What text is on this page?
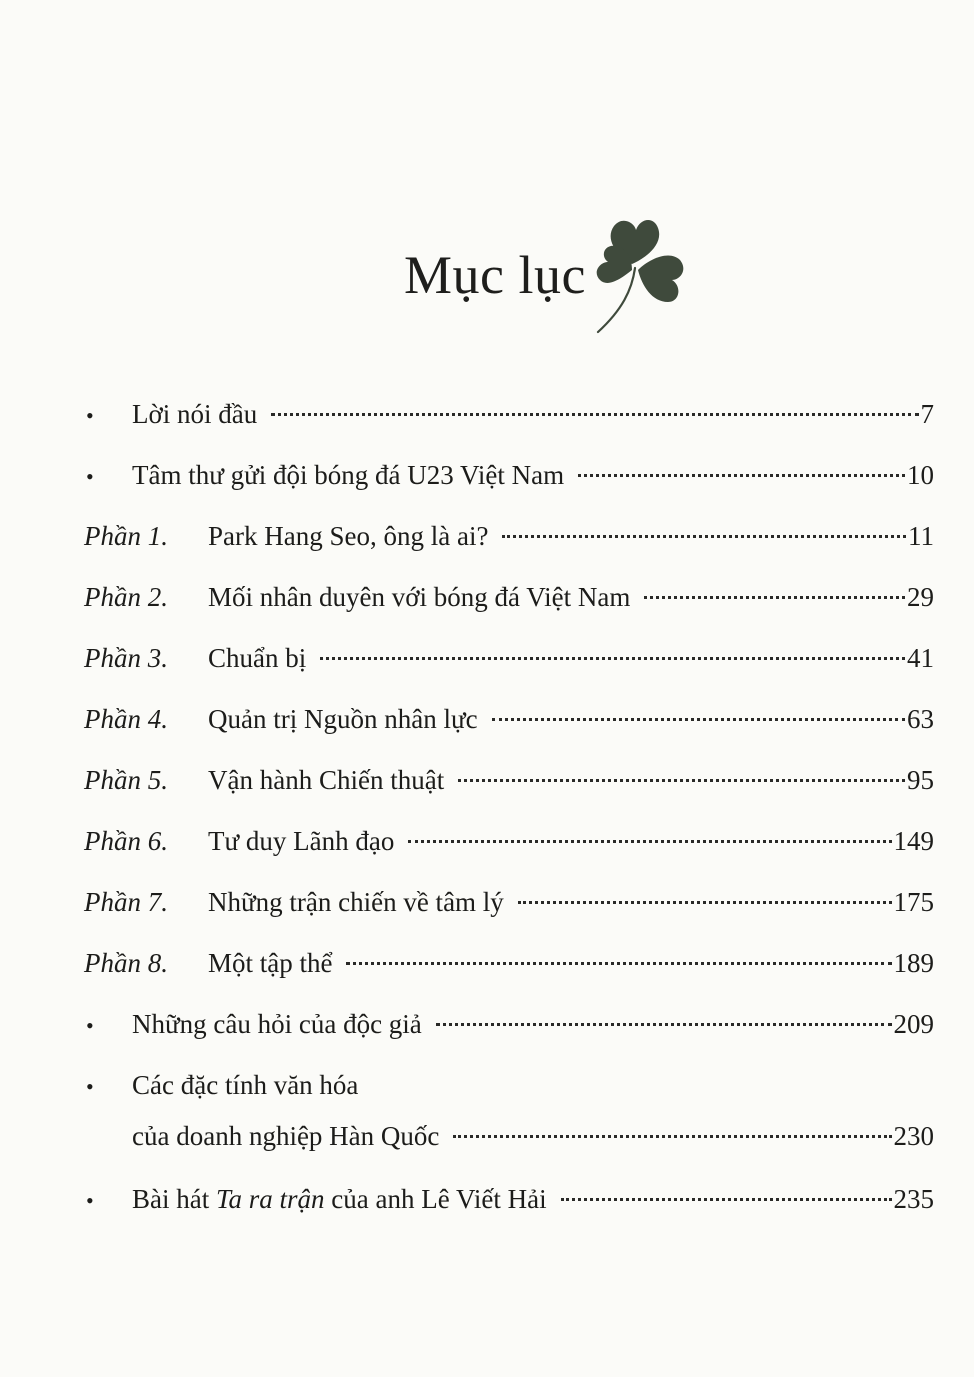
Mục lục
•	Lời nói đầu	7
•	Tâm thư gửi đội bóng đá U23 Việt Nam	10
Phần 1.	Park Hang Seo, ông là ai?	11
Phần 2.	Mối nhân duyên với bóng đá Việt Nam	29
Phần 3.	Chuẩn bị	41
Phần 4.	Quản trị Nguồn nhân lực	63
Phần 5.	Vận hành Chiến thuật	95
Phần 6.	Tư duy Lãnh đạo	149
Phần 7.	Những trận chiến về tâm lý	175
Phần 8.	Một tập thể	189
•	Những câu hỏi của độc giả	209
•	Các đặc tính văn hóa
của doanh nghiệp Hàn Quốc	230
•	Bài hát Ta ra trận của anh Lê Viết Hải	235
